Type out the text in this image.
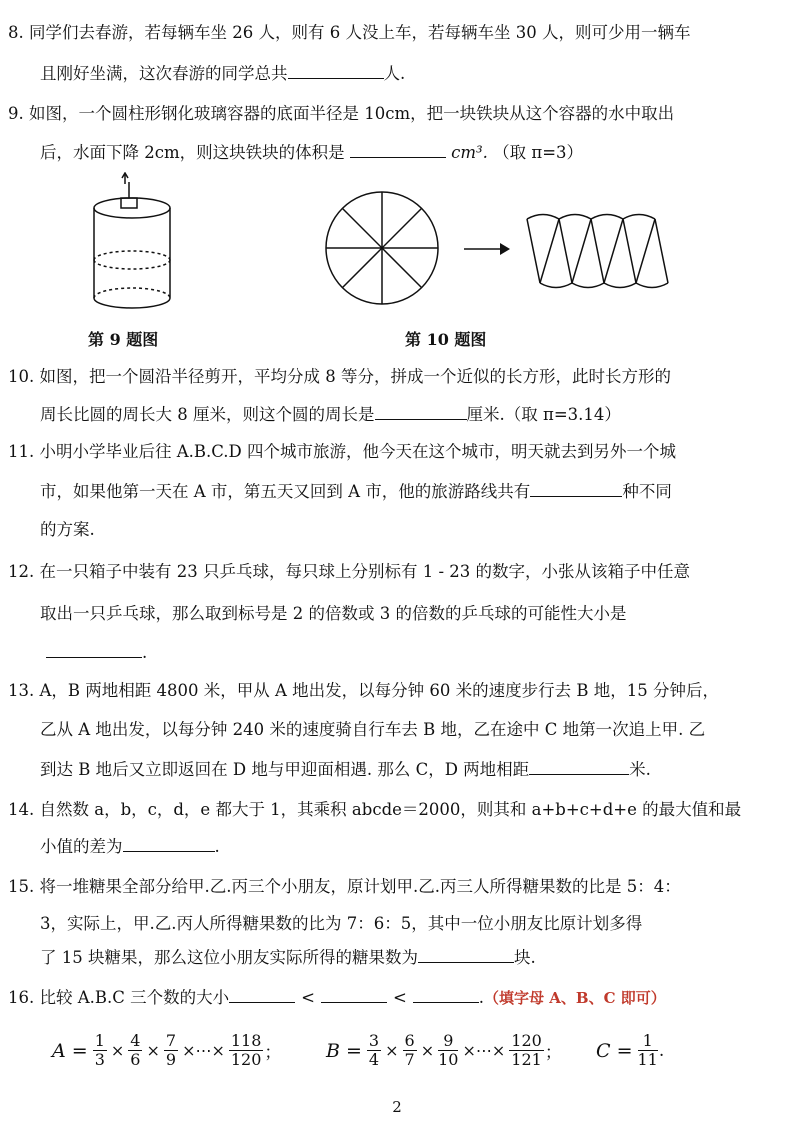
8. 同学们去春游，若每辆车坐 26 人，则有 6 人没上车，若每辆车坐 30 人，则可少用一辆车
且刚好坐满，这次春游的同学总共	人.
9. 如图，一个圆柱形钢化玻璃容器的底面半径是 10cm，把一块铁块从这个容器的水中取出
后，水面下降 2cm，则这块铁块的体积是	cm³. （取 π=3）
第 9 题图	第 10 题图
10. 如图，把一个圆沿半径剪开，平均分成 8 等分，拼成一个近似的长方形，此时长方形的
周长比圆的周长大 8 厘米，则这个圆的周长是	厘米.（取 π=3.14）
11. 小明小学毕业后往 A.B.C.D 四个城市旅游，他今天在这个城市，明天就去到另外一个城
市，如果他第一天在 A 市，第五天又回到 A 市，他的旅游路线共有	种不同
的方案.
12. 在一只箱子中装有 23 只乒乓球，每只球上分别标有 1 - 23 的数字，小张从该箱子中任意
取出一只乒乓球，那么取到标号是 2 的倍数或 3 的倍数的乒乓球的可能性大小是
.
13. A，B 两地相距 4800 米，甲从 A 地出发，以每分钟 60 米的速度步行去 B 地，15 分钟后，
乙从 A 地出发，以每分钟 240 米的速度骑自行车去 B 地，乙在途中 C 地第一次追上甲. 乙
到达 B 地后又立即返回在 D 地与甲迎面相遇. 那么 C，D 两地相距	米.
14. 自然数 a，b，c，d，e 都大于 1，其乘积 abcde＝2000，则其和 a+b+c+d+e 的最大值和最
小值的差为	.
15. 将一堆糖果全部分给甲.乙.丙三个小朋友，原计划甲.乙.丙三人所得糖果数的比是 5：4：
3，实际上，甲.乙.丙人所得糖果数的比为 7：6：5，其中一位小朋友比原计划多得
了 15 块糖果，那么这位小朋友实际所得的糖果数为	块.
16. 比较 A.B.C 三个数的大小	<	<	.（填字母 A、B、C 即可）
$A = \frac{1}{3} \times \frac{4}{6} \times \frac{7}{9}$ ×⋯× $\frac{118}{120}$ ； $B = \frac{3}{4} \times \frac{6}{7} \times \frac{9}{10}$ ×⋯× $\frac{120}{121}$ ； $C = \frac{1}{11}$ .
2
